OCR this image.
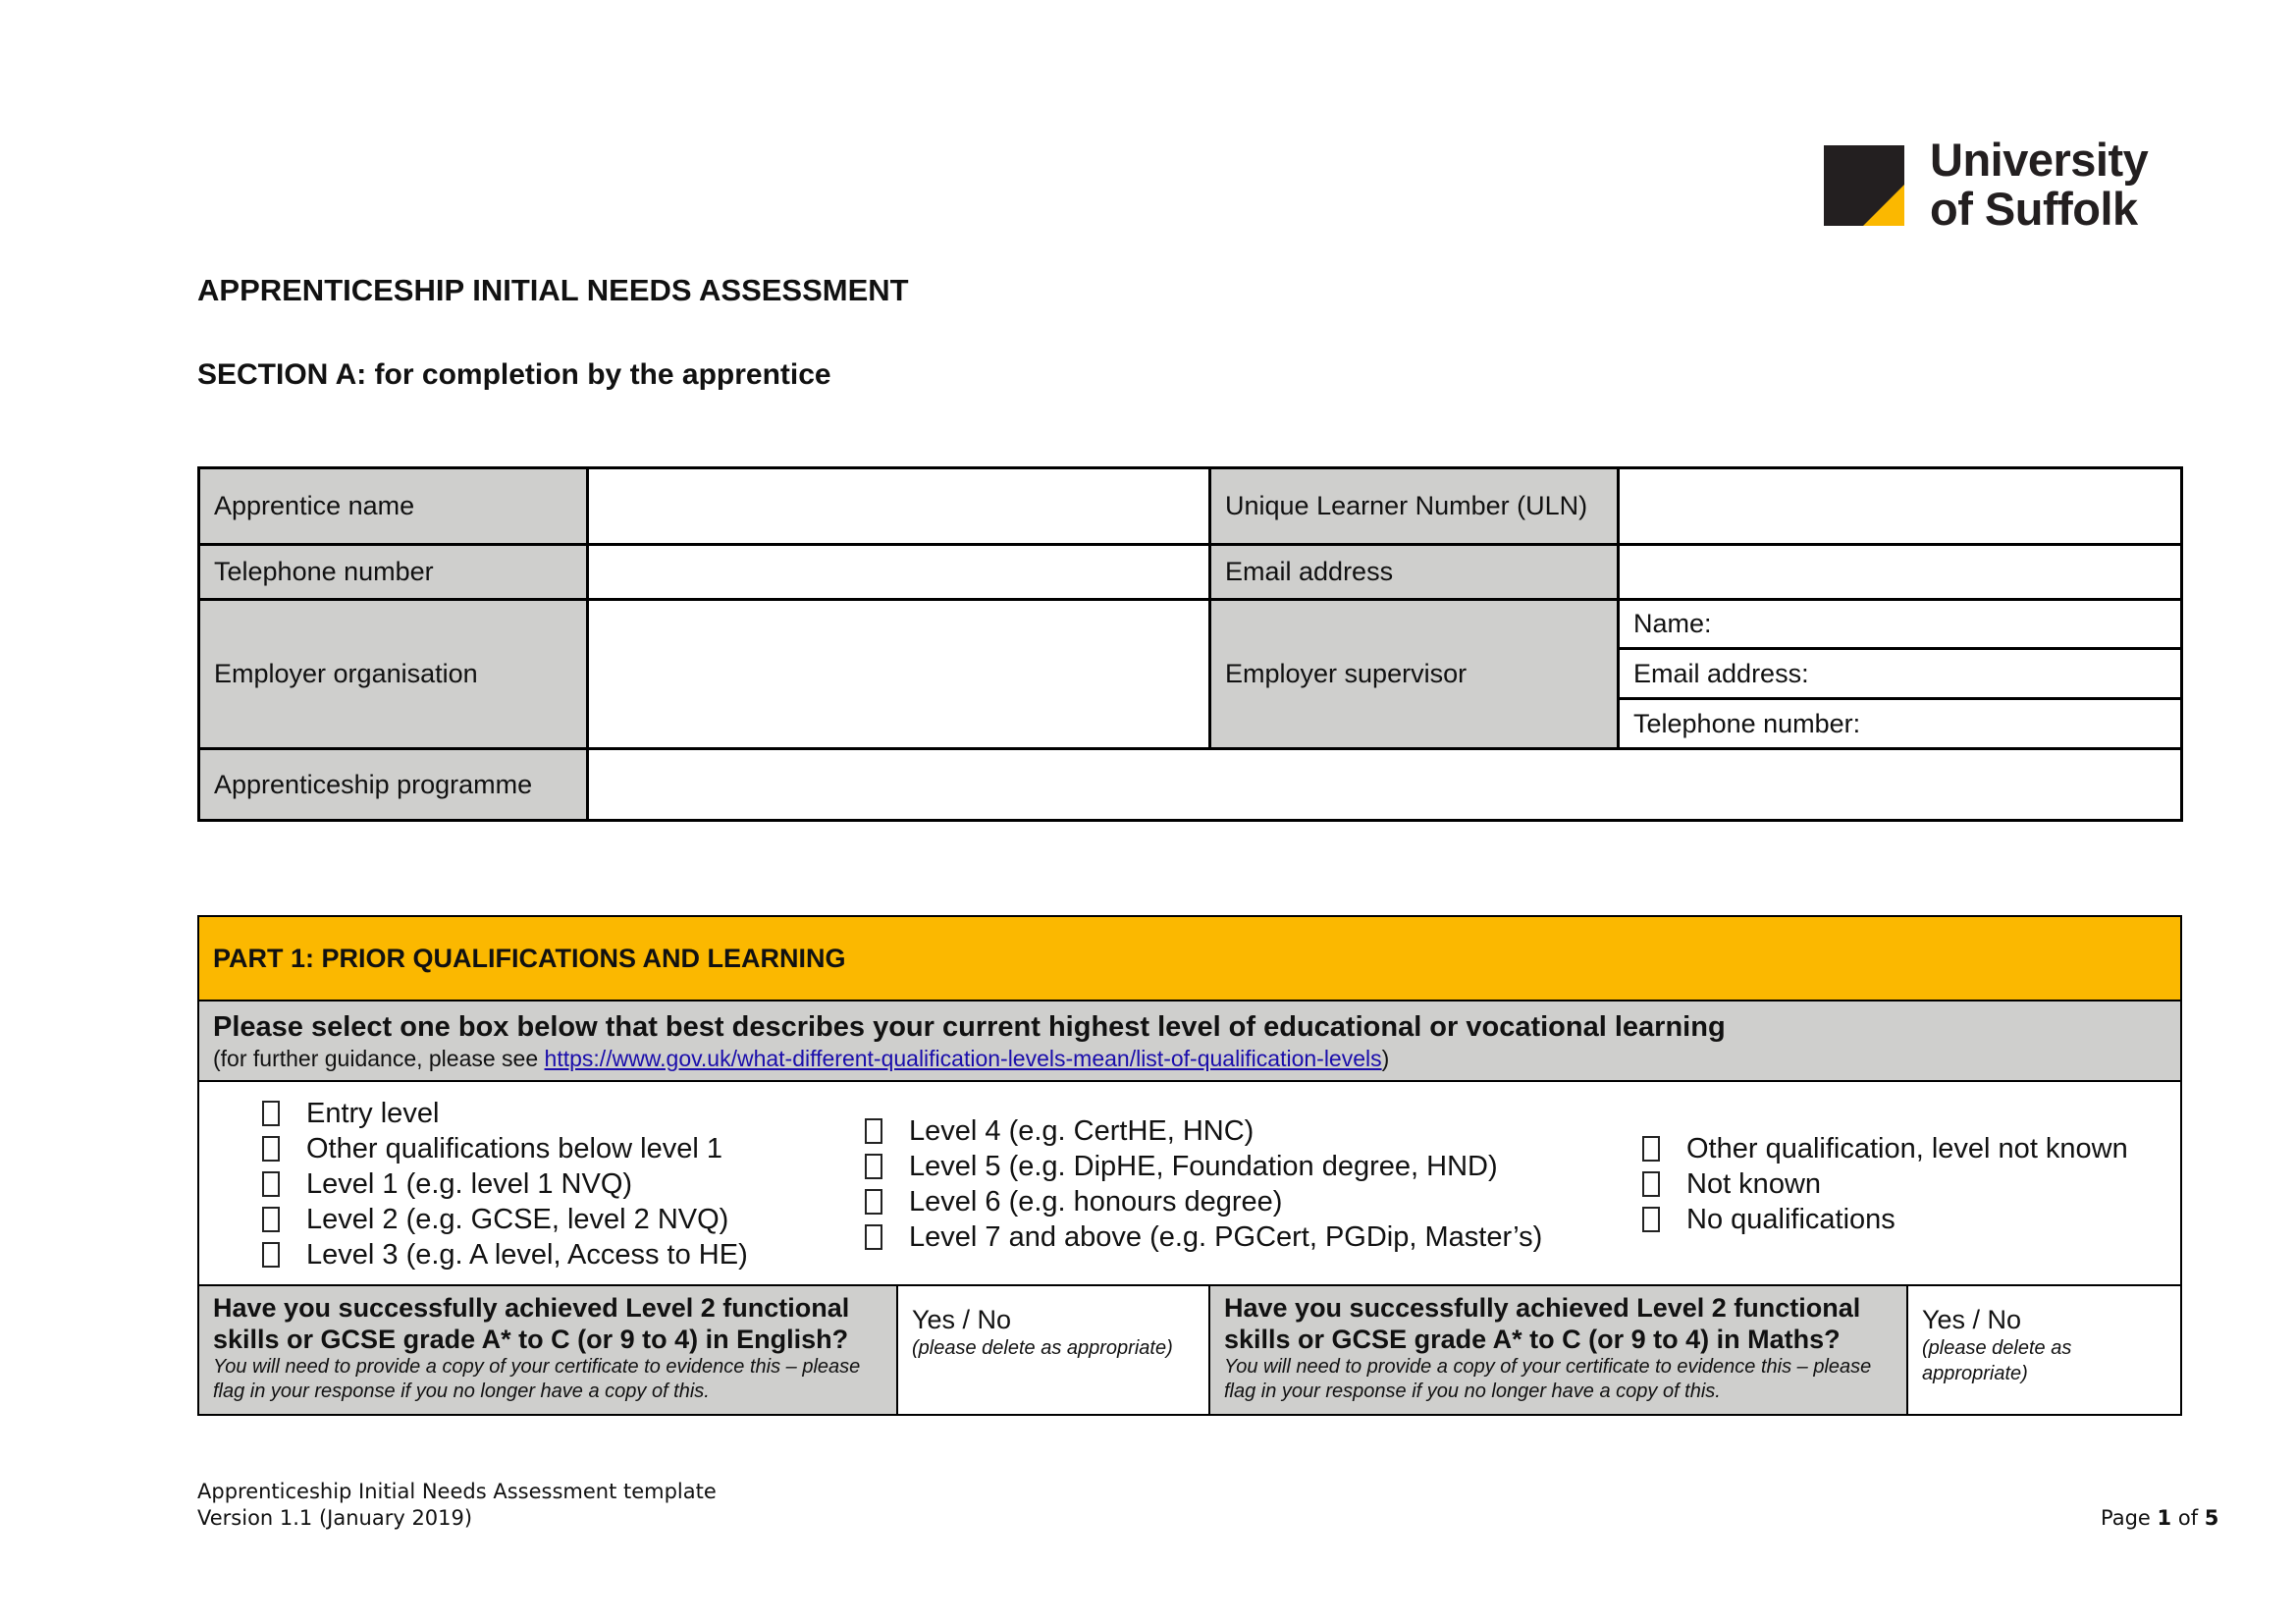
University
of Suffolk
APPRENTICESHIP INITIAL NEEDS ASSESSMENT
SECTION A: for completion by the apprentice
Apprentice name		Unique Learner Number (ULN)	
Telephone number		Email address	
Employer organisation		Employer supervisor	Name:
			Email address:
			Telephone number:
Apprenticeship programme			
PART 1: PRIOR QUALIFICATIONS AND LEARNING

Please select one box below that best describes your current highest level of educational or vocational learning
(for further guidance, please see https://www.gov.uk/what-different-qualification-levels-mean/list-of-qualification-levels)

Entry level
Other qualifications below level 1
Level 1 (e.g. level 1 NVQ)
Level 2 (e.g. GCSE, level 2 NVQ)
Level 3 (e.g. A level, Access to HE)
Level 4 (e.g. CertHE, HNC)
Level 5 (e.g. DipHE, Foundation degree, HND)
Level 6 (e.g. honours degree)
Level 7 and above (e.g. PGCert, PGDip, Master’s)
Other qualification, level not known
Not known
No qualifications

Have you successfully achieved Level 2 functional skills or GCSE grade A* to C (or 9 to 4) in English?
You will need to provide a copy of your certificate to evidence this – please flag in your response if you no longer have a copy of this.

Yes / No
(please delete as appropriate)

Have you successfully achieved Level 2 functional skills or GCSE grade A* to C (or 9 to 4) in Maths?
You will need to provide a copy of your certificate to evidence this – please flag in your response if you no longer have a copy of this.

Yes / No
(please delete as appropriate)
Apprenticeship Initial Needs Assessment template
Version 1.1 (January 2019)	Page 1 of 5
